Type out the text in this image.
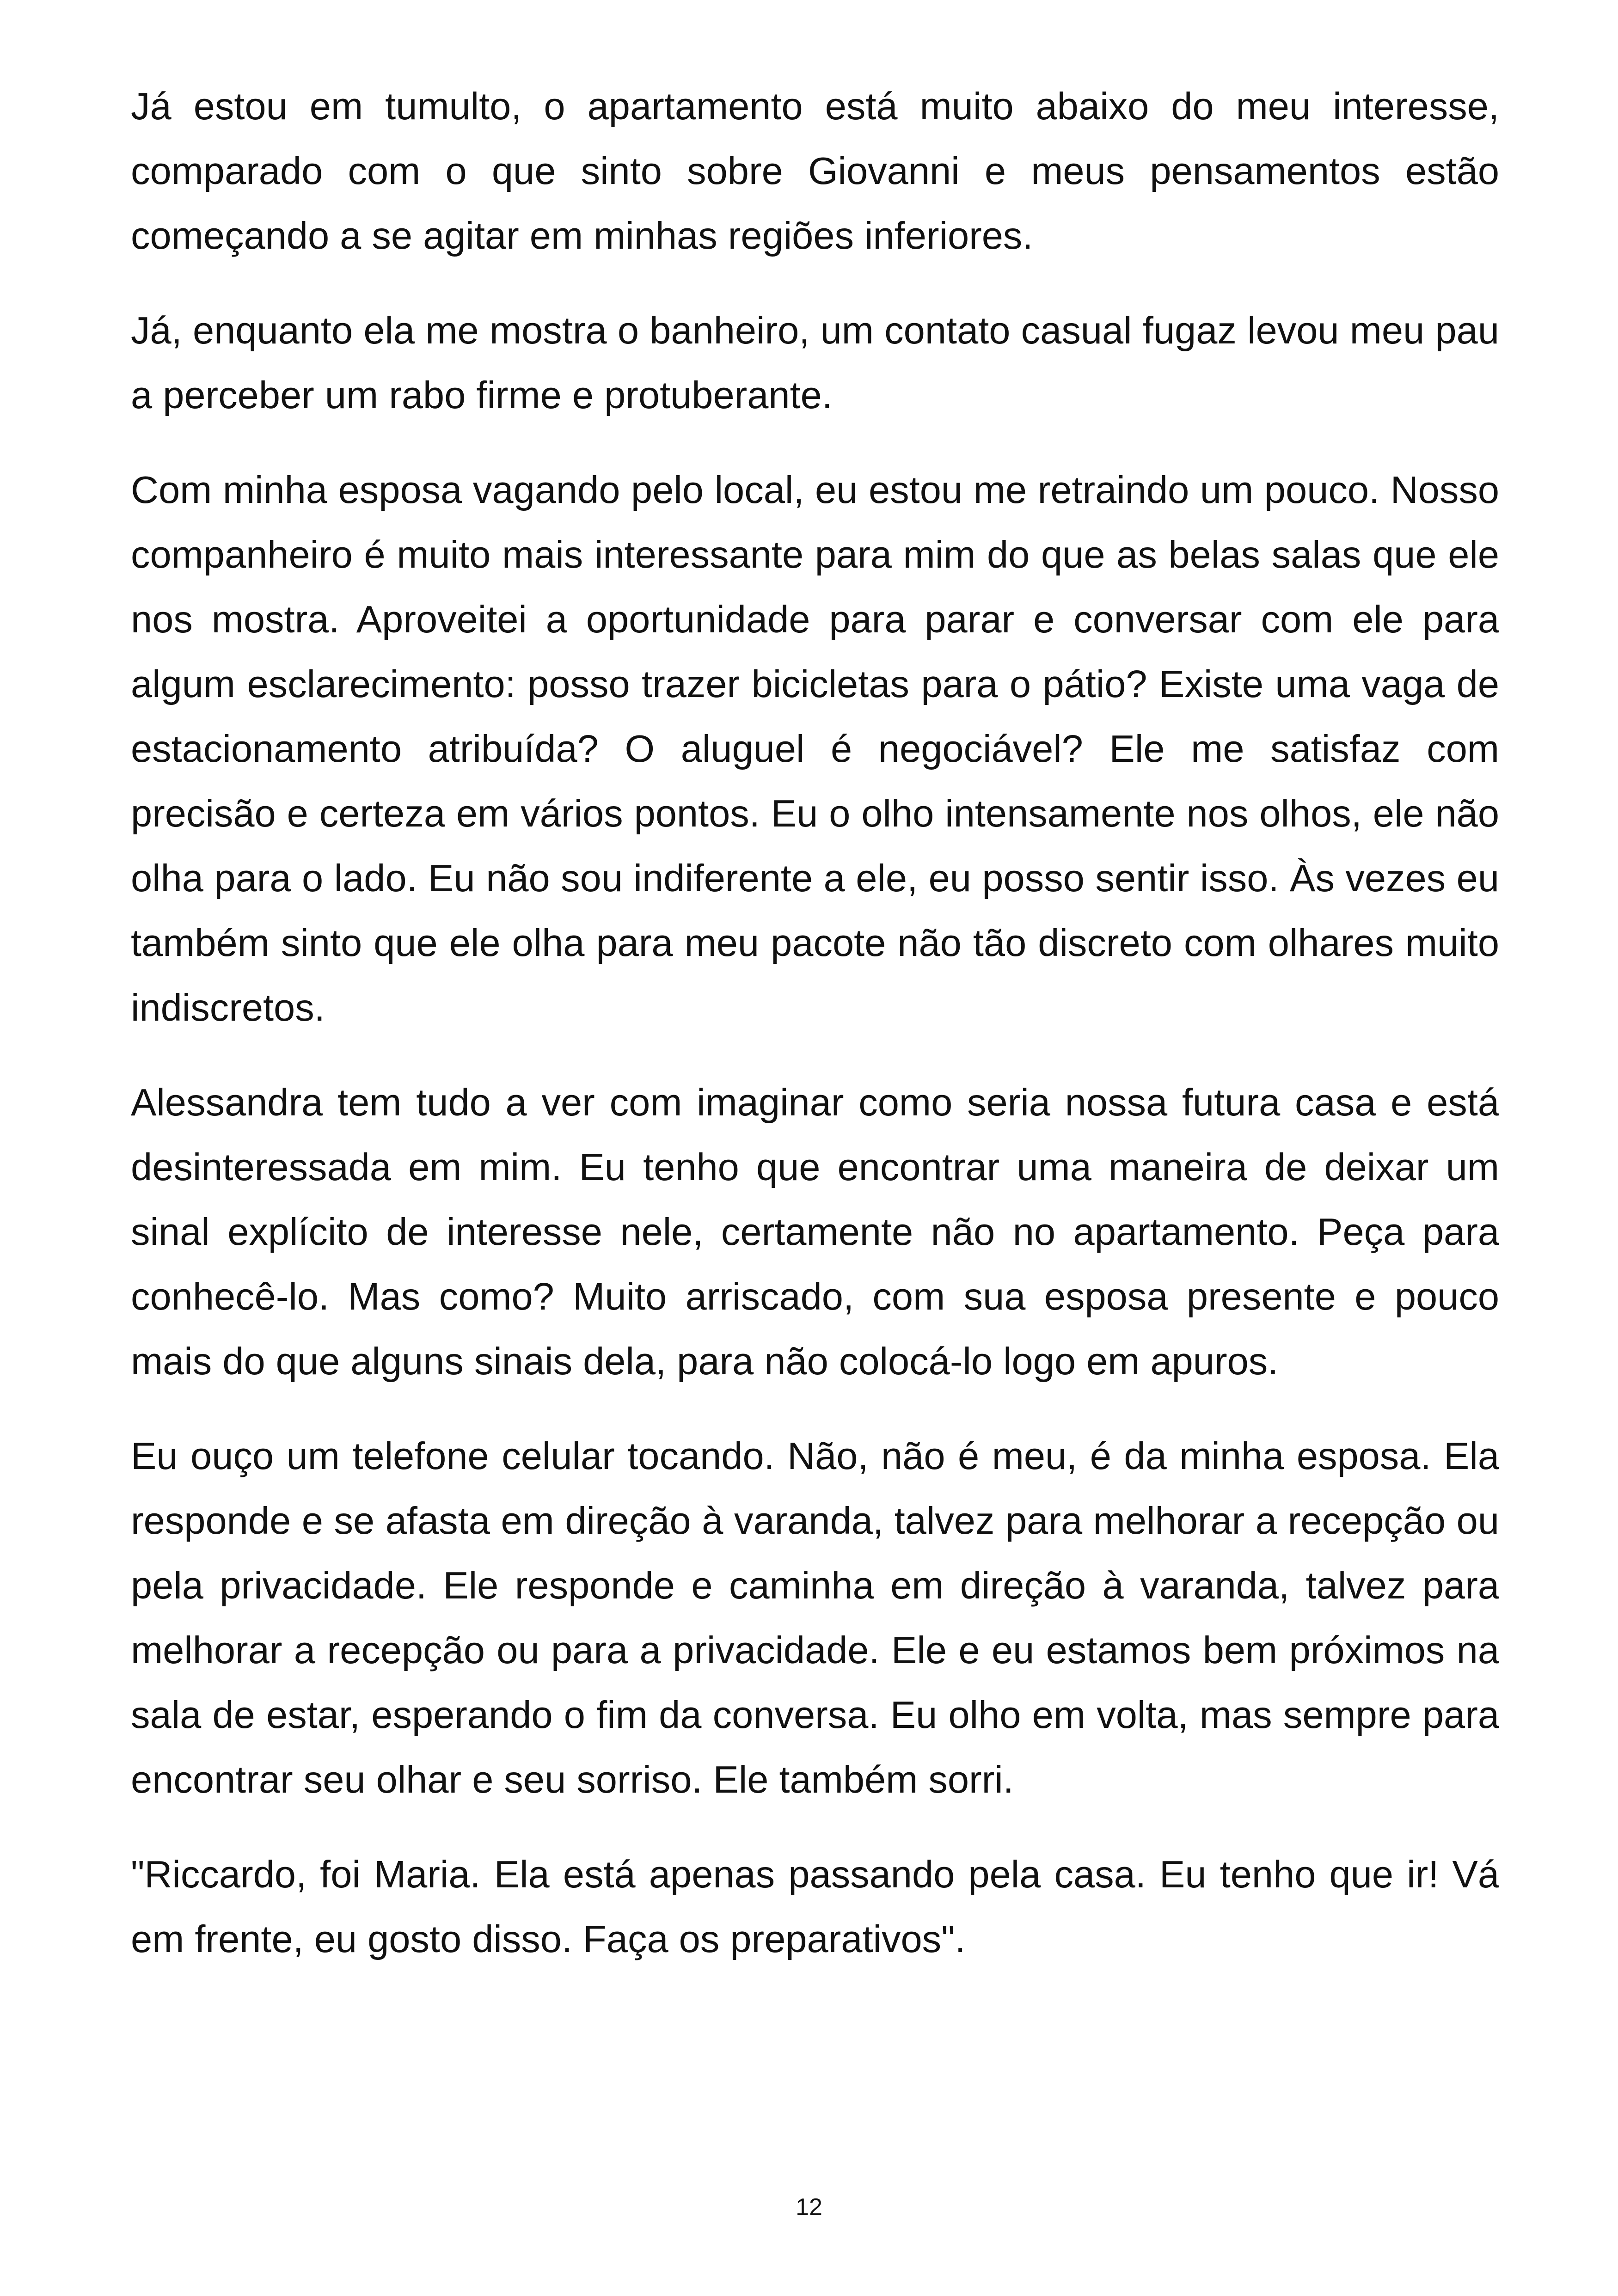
Já estou em tumulto, o apartamento está muito abaixo do meu interesse, comparado com o que sinto sobre Giovanni e meus pensamentos estão começando a se agitar em minhas regiões inferiores.

Já, enquanto ela me mostra o banheiro, um contato casual fugaz levou meu pau a perceber um rabo firme e protuberante.

Com minha esposa vagando pelo local, eu estou me retraindo um pouco. Nosso companheiro é muito mais interessante para mim do que as belas salas que ele nos mostra. Aproveitei a oportunidade para parar e conversar com ele para algum esclarecimento: posso trazer bicicletas para o pátio? Existe uma vaga de estacionamento atribuída? O aluguel é negociável? Ele me satisfaz com precisão e certeza em vários pontos. Eu o olho intensamente nos olhos, ele não olha para o lado. Eu não sou indiferente a ele, eu posso sentir isso. Às vezes eu também sinto que ele olha para meu pacote não tão discreto com olhares muito indiscretos.

Alessandra tem tudo a ver com imaginar como seria nossa futura casa e está desinteressada em mim. Eu tenho que encontrar uma maneira de deixar um sinal explícito de interesse nele, certamente não no apartamento. Peça para conhecê-lo. Mas como? Muito arriscado, com sua esposa presente e pouco mais do que alguns sinais dela, para não colocá-lo logo em apuros.

Eu ouço um telefone celular tocando. Não, não é meu, é da minha esposa. Ela responde e se afasta em direção à varanda, talvez para melhorar a recepção ou pela privacidade. Ele responde e caminha em direção à varanda, talvez para melhorar a recepção ou para a privacidade. Ele e eu estamos bem próximos na sala de estar, esperando o fim da conversa. Eu olho em volta, mas sempre para encontrar seu olhar e seu sorriso. Ele também sorri.

"Riccardo, foi Maria. Ela está apenas passando pela casa. Eu tenho que ir! Vá em frente, eu gosto disso. Faça os preparativos".

12
